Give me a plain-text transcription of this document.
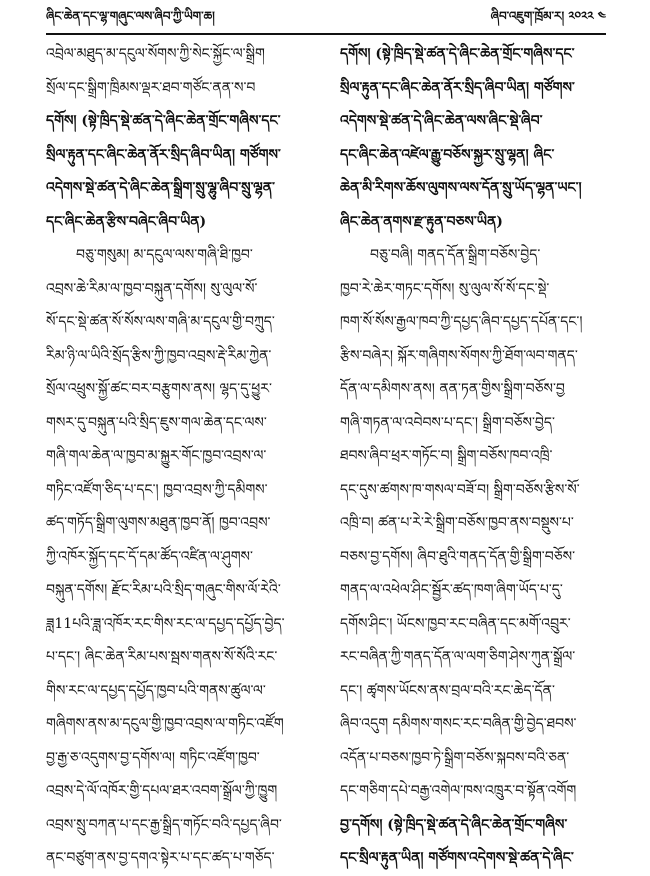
ཞིང་ཆེན་དང་ལྷ་གཞུང་ལས་ཞིབ་ཀྱི་ཡིག་ཆ།	ཞིབ་འཇུག་ཁྲོམ་ར། ༢༠༢༢ ༤
འབྲེལ་མཐུད་མ་དངུལ་སོགས་ཀྱི་སེང་སྐྱོང་ལ་སྒྲིག
སྲོལ་དང་སྒྲིག་ཁྲིམས་ལྡར་ཐབ་གཙོང་ནན་ས་བ
དགོས། (སྟེ་ཁྲིད་སྡེ་ཚན་དེ་ཞིང་ཆེན་གྲོང་གཞིས་དང་
སྲིལ་རྟུན་དང་ཞིང་ཆེན་ནོར་སྲིད་ཞིབ་ཡིན། གཙོགས་
འདེགས་སྡེ་ཚན་དེ་ཞིང་ཆེན་སྒྲིག་སྲུ་ལྷུ་ཞིབ་སྲུ་ལྷན་
དང་ཞིང་ཆེན་རྩིས་བཞེང་ཞིབ་ཡིན)
བཅུ་གསུམ། མ་དངུལ་ལས་གཞི་ཐི་ཁྱབ་
འབྲས་ཆེ་རིམ་ལ་ཁྱབ་བསྐུན་དགོས། སུ་ལུལ་སོ་
སོ་དང་སྡེ་ཚན་སོ་སོས་ལས་གཞི་མ་དངུལ་གྱི་བཀྲུད་
རིམ་ཉི་ལ་ཡིའི་སྲོད་རྩིས་ཀྱི་ཁྱབ་འབྲས་རྡེ་རིམ་ཀྱེན་
སྲོལ་འཕྲུས་སྐྱོ་ཚང་བར་བརྩུགས་ནས། ལྷད་དུ་ཕྱུར་
གསར་དུ་བསྐུན་པའི་སྲིད་ཇུས་གལ་ཆེན་དང་ལས་
གཞི་གལ་ཆེན་ལ་ཁྱབ་མ་སྐྱུར་གོང་ཁྱབ་འབྲས་ལ་
གཏིང་འཛོག་ཅིད་པ་དང་། ཁྱབ་འབྲས་ཀྱི་དམིགས་
ཚད་གཏོད་སྒྲིག་ལུགས་མཐུན་ཁྱབ་ནོ། ཁྱབ་འབྲས་
ཀྱི་འཁོར་སྐྱོད་དང་དོ་དམ་ཚོད་འཛིན་ལ་ཤུགས་
བསྐུན་དགོས། རྫོང་རིམ་པའི་སྲིད་གཞུང་གིས་ལོ་རེའི་
ཟླ11པའི་ཟླ་འཁོར་རང་གིས་རང་ལ་དཔྱད་དཔྱོད་བྱེད་
པ་དང་། ཞིང་ཆེན་རིམ་པས་སྦས་གནས་སོ་སོའི་རང་
གིས་རང་ལ་དཔྱད་དཔྱོད་ཁྱབ་པའི་གནས་ཚུལ་ལ་
གཞིགས་ནས་མ་དངུལ་གྱི་ཁྱབ་འབྲས་ལ་གཏིང་འཛོག
བྱ་རྒྱ་ཅ་འདུགས་བྱ་དགོས་ལ། གཏིང་འཛོག་ཁྱབ་
འབྲས་དེ་ལོ་འཁོར་གྱི་དཔལ་ཐར་འབག་སྒྲོལ་ཀྱི་ཁྱུག
འབྲས་སྲུ་བཀན་པ་དང་རྒྱ་སྒྲིད་གཏོང་བའི་དཔྱད་ཞིབ་
ནང་བཙུག་ནས་བྱ་དགའ་སྟེར་པ་དང་ཚད་པ་གཅོད་
དགོས། (སྟེ་ཁྲིད་སྡེ་ཚན་དེ་ཞིང་ཆེན་གྲོང་གཞིས་དང་
སྲིལ་རྟུན་དང་ཞིང་ཆེན་ནོར་སྲིད་ཞིབ་ཡིན། གཙོགས་
འདེགས་སྡེ་ཚན་དེ་ཞིང་ཆེན་ལས་ཞིང་སྡེ་ཞིབ་
དང་ཞིང་ཆེན་འཛེལ་རྒྱུ་བཅོས་སྐྱར་སྲུ་ལྷན། ཞིང་
ཆེན་མི་རིགས་ཆོས་ལུགས་ལས་དོན་སྲུ་ཡོད་ལྷན་ཡང་།
ཞིང་ཆེན་ནགས་རྫ་རྟུན་བཅས་ཡིན)
བཅུ་བཞི། གནད་དོན་སྒྲིག་བཅོས་བྱེད་
ཁྱབ་རེ་ཆེར་གཏང་དགོས། སུ་ལུལ་སོ་སོ་དང་སྡེ་
ཁག་སོ་སོས་རྒྱལ་ཁབ་ཀྱི་དཔྱད་ཞིབ་དཔྱད་དཔོན་དང་།
རྩིས་བཞེར། སྐོར་གཞིགས་སོགས་ཀྱི་ཐོག་ལབ་གནད་
དོན་ལ་དམིགས་ནས། ནན་ཏན་གྱིས་སྒྲིག་བཅོས་བྱ
གཞི་གཏན་ལ་འབེབས་པ་དང་། སྒྲིག་བཅོས་བྱེད་
ཐབས་ཞིབ་ཕྲར་གཏོང་བ། སྒྲིག་བཅོས་ཁབ་འཁྲི་
དང་དུས་ཚགས་ཁ་གསལ་བཟོ་བ། སྒྲིག་བཅོས་རྩིས་སོ་
འཁྲི་བ། ཚན་པ་རེ་རེ་སྒྲིག་བཅོས་ཁྱབ་ནས་བསྡུས་པ་
བཅས་བྱ་དགོས། ཞིབ་ཐུའི་གནད་དོན་གྱི་སྒྲིག་བཅོས་
གནད་ལ་འཕེལ་ཤིང་སྦྱོར་ཚད་ཁག་ཞིག་ཡོད་པ་དུ་
དགོས་ཤིང་། ཡོངས་ཁྱབ་རང་བཞིན་དང་མགོ་འབྲུར་
རང་བཞིན་ཀྱི་གནད་དོན་ལ་ལག་ཅིག་ཤེས་ཀུན་སྒྲོལ་
དང་། ཚྭགས་ཡོངས་ནས་བྲལ་བའི་རང་ཆེད་དོན་
ཞིབ་འདུག དམིགས་གསང་རང་བཞིན་གྱི་བྱེད་ཐབས་
འདོན་པ་བཅས་ཁྱབ་ཏེ་སྒྲིག་བཅོས་སྐབས་བའི་ཅན་
དང་གཅིག་དཔེ་བརྒྱ་འགེལ་ཁས་འཁྲུར་བ་སྟོན་འགོག
བྱ་དགོས། (སྟེ་ཁྲིད་སྡེ་ཚན་དེ་ཞིང་ཆེན་གྲོང་གཞིས་
དང་སྲིལ་རྟུན་ཡིན། གཙོགས་འདེགས་སྡེ་ཚན་དེ་ཞིང་
